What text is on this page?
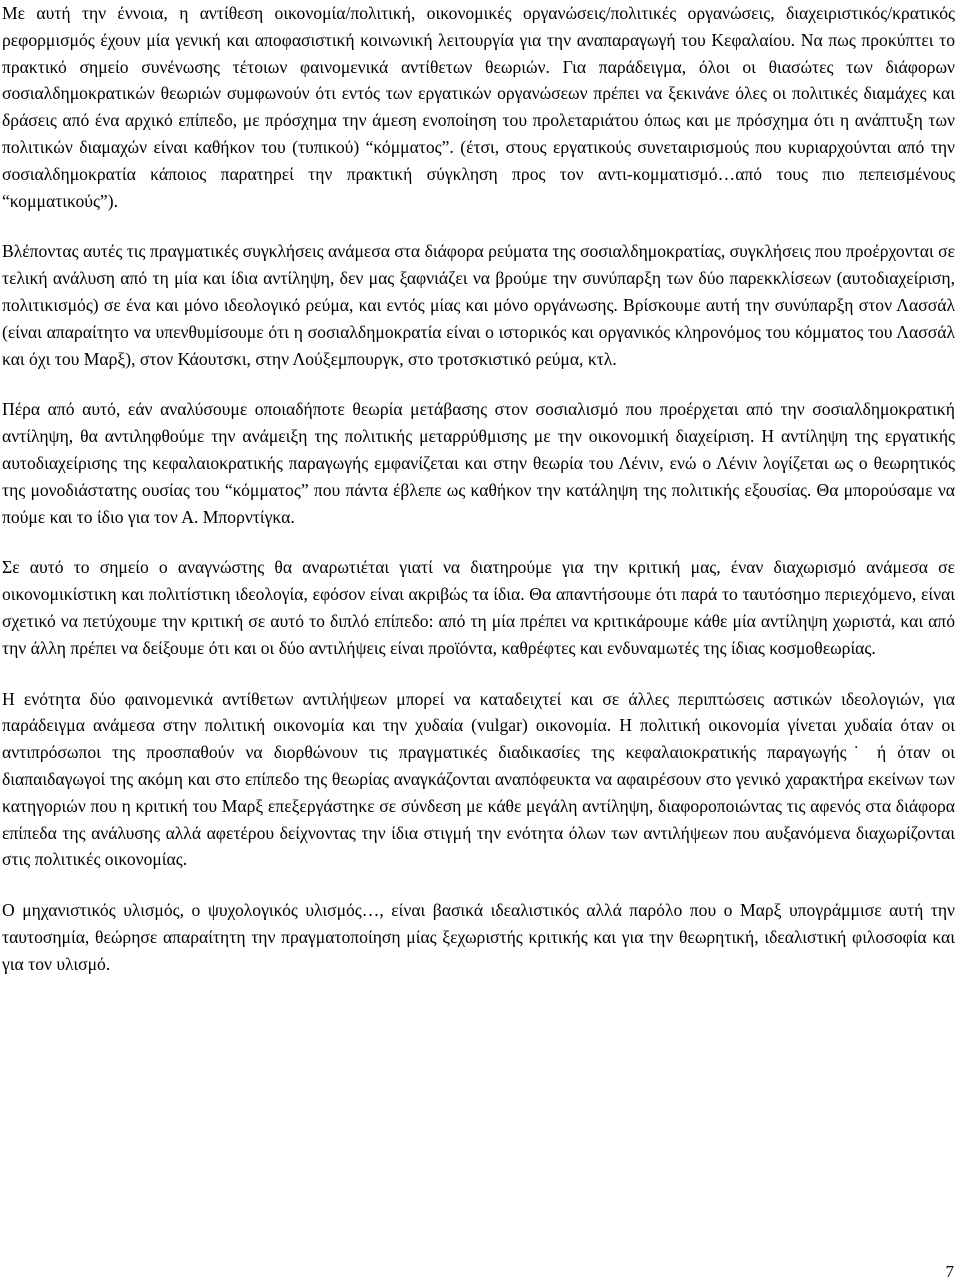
Με αυτή την έννοια, η αντίθεση οικονομία/πολιτική, οικονομικές οργανώσεις/πολιτικές οργανώσεις, διαχειριστικός/κρατικός ρεφορμισμός έχουν μία γενική και αποφασιστική κοινωνική λειτουργία για την αναπαραγωγή του Κεφαλαίου. Να πως προκύπτει το πρακτικό σημείο συνένωσης τέτοιων φαινομενικά αντίθετων θεωριών. Για παράδειγμα, όλοι οι θιασώτες των διάφορων σοσιαλδημοκρατικών θεωριών συμφωνούν ότι εντός των εργατικών οργανώσεων πρέπει να ξεκινάνε όλες οι πολιτικές διαμάχες και δράσεις από ένα αρχικό επίπεδο, με πρόσχημα την άμεση ενοποίηση του προλεταριάτου όπως και με πρόσχημα ότι η ανάπτυξη των πολιτικών διαμαχών είναι καθήκον του (τυπικού) “κόμματος”. (έτσι, στους εργατικούς συνεταιρισμούς που κυριαρχούνται από την σοσιαλδημοκρατία κάποιος παρατηρεί την πρακτική σύγκληση προς τον αντι-κομματισμό…από τους πιο πεπεισμένους “κομματικούς”).

Βλέποντας αυτές τις πραγματικές συγκλήσεις ανάμεσα στα διάφορα ρεύματα της σοσιαλδημοκρατίας, συγκλήσεις που προέρχονται σε τελική ανάλυση από τη μία και ίδια αντίληψη, δεν μας ξαφνιάζει να βρούμε την συνύπαρξη των δύο παρεκκλίσεων (αυτοδιαχείριση, πολιτικισμός) σε ένα και μόνο ιδεολογικό ρεύμα, και εντός μίας και μόνο οργάνωσης. Βρίσκουμε αυτή την συνύπαρξη στον Λασσάλ (είναι απαραίτητο να υπενθυμίσουμε ότι η σοσιαλδημοκρατία είναι ο ιστορικός και οργανικός κληρονόμος του κόμματος του Λασσάλ και όχι του Μαρξ), στον Κάουτσκι, στην Λούξεμπουργκ, στο τροτσκιστικό ρεύμα, κτλ.

Πέρα από αυτό, εάν αναλύσουμε οποιαδήποτε θεωρία μετάβασης στον σοσιαλισμό που προέρχεται από την σοσιαλδημοκρατική αντίληψη, θα αντιληφθούμε την ανάμειξη της πολιτικής μεταρρύθμισης με την οικονομική διαχείριση. Η αντίληψη της εργατικής αυτοδιαχείρισης της κεφαλαιοκρατικής παραγωγής εμφανίζεται και στην θεωρία του Λένιν, ενώ ο Λένιν λογίζεται ως ο θεωρητικός της μονοδιάστατης ουσίας του “κόμματος” που πάντα έβλεπε ως καθήκον την κατάληψη της πολιτικής εξουσίας. Θα μπορούσαμε να πούμε και το ίδιο για τον Α. Μπορντίγκα.

Σε αυτό το σημείο ο αναγνώστης θα αναρωτιέται γιατί να διατηρούμε για την κριτική μας, έναν διαχωρισμό ανάμεσα σε οικονομικίστικη και πολιτίστικη ιδεολογία, εφόσον είναι ακριβώς τα ίδια. Θα απαντήσουμε ότι παρά το ταυτόσημο περιεχόμενο, είναι σχετικό να πετύχουμε την κριτική σε αυτό το διπλό επίπεδο: από τη μία πρέπει να κριτικάρουμε κάθε μία αντίληψη χωριστά, και από την άλλη πρέπει να δείξουμε ότι και οι δύο αντιλήψεις είναι προϊόντα, καθρέφτες και ενδυναμωτές της ίδιας κοσμοθεωρίας.

Η ενότητα δύο φαινομενικά αντίθετων αντιλήψεων μπορεί να καταδειχτεί και σε άλλες περιπτώσεις αστικών ιδεολογιών, για παράδειγμα ανάμεσα στην πολιτική οικονομία και την χυδαία (vulgar) οικονομία. Η πολιτική οικονομία γίνεται χυδαία όταν οι αντιπρόσωποι της προσπαθούν να διορθώνουν τις πραγματικές διαδικασίες της κεφαλαιοκρατικής παραγωγής˙ ή όταν οι διαπαιδαγωγοί της ακόμη και στο επίπεδο της θεωρίας αναγκάζονται αναπόφευκτα να αφαιρέσουν στο γενικό χαρακτήρα εκείνων των κατηγοριών που η κριτική του Μαρξ επεξεργάστηκε σε σύνδεση με κάθε μεγάλη αντίληψη, διαφοροποιώντας τις αφενός στα διάφορα επίπεδα της ανάλυσης αλλά αφετέρου δείχνοντας την ίδια στιγμή την ενότητα όλων των αντιλήψεων που αυξανόμενα διαχωρίζονται στις πολιτικές οικονομίας.

Ο μηχανιστικός υλισμός, ο ψυχολογικός υλισμός…, είναι βασικά ιδεαλιστικός αλλά παρόλο που ο Μαρξ υπογράμμισε αυτή την ταυτοσημία, θεώρησε απαραίτητη την πραγματοποίηση μίας ξεχωριστής κριτικής και για την θεωρητική, ιδεαλιστική φιλοσοφία και για τον υλισμό.

7
